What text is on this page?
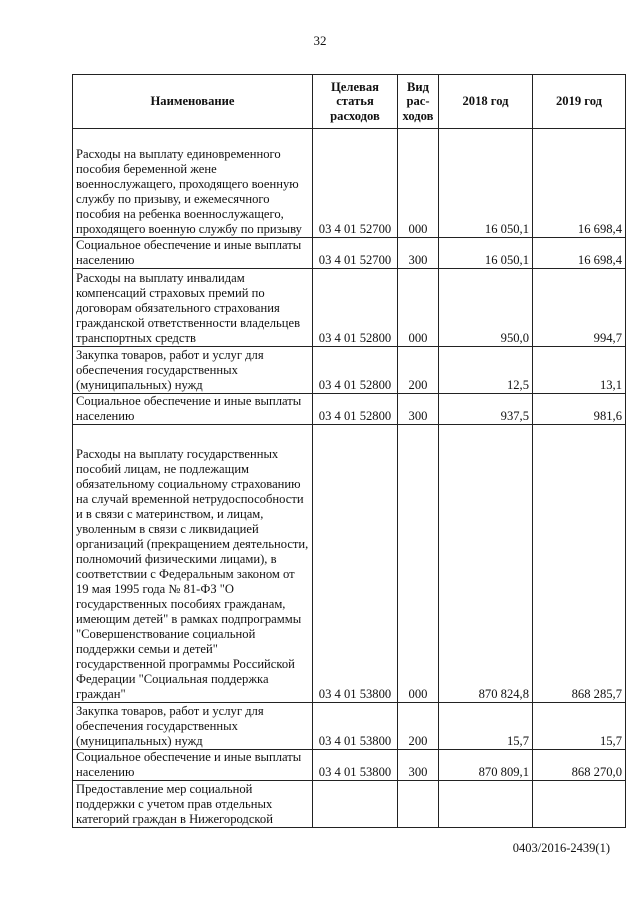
32
Наименование	Целевая статья расходов	Вид рас-ходов	2018 год	2019 год
Расходы на выплату единовременного пособия беременной жене военнослужащего, проходящего военную службу по призыву, и ежемесячного пособия на ребенка военнослужащего, проходящего военную службу по призыву	03 4 01 52700	000	16 050,1	16 698,4
Социальное обеспечение и иные выплаты населению	03 4 01 52700	300	16 050,1	16 698,4
Расходы на выплату инвалидам компенсаций страховых премий по договорам обязательного страхования гражданской ответственности владельцев транспортных средств	03 4 01 52800	000	950,0	994,7
Закупка товаров, работ и услуг для обеспечения государственных (муниципальных) нужд	03 4 01 52800	200	12,5	13,1
Социальное обеспечение и иные выплаты населению	03 4 01 52800	300	937,5	981,6
Расходы на выплату государственных пособий лицам, не подлежащим обязательному социальному страхованию на случай временной нетрудоспособности и в связи с материнством, и лицам, уволенным в связи с ликвидацией организаций (прекращением деятельности, полномочий физическими лицами), в соответствии с Федеральным законом от 19 мая 1995 года № 81-ФЗ "О государственных пособиях гражданам, имеющим детей" в рамках подпрограммы "Совершенствование социальной поддержки семьи и детей" государственной программы Российской Федерации "Социальная поддержка граждан"	03 4 01 53800	000	870 824,8	868 285,7
Закупка товаров, работ и услуг для обеспечения государственных (муниципальных) нужд	03 4 01 53800	200	15,7	15,7
Социальное обеспечение и иные выплаты населению	03 4 01 53800	300	870 809,1	868 270,0
Предоставление мер социальной поддержки с учетом прав отдельных категорий граждан в Нижегородской				
0403/2016-2439(1)
